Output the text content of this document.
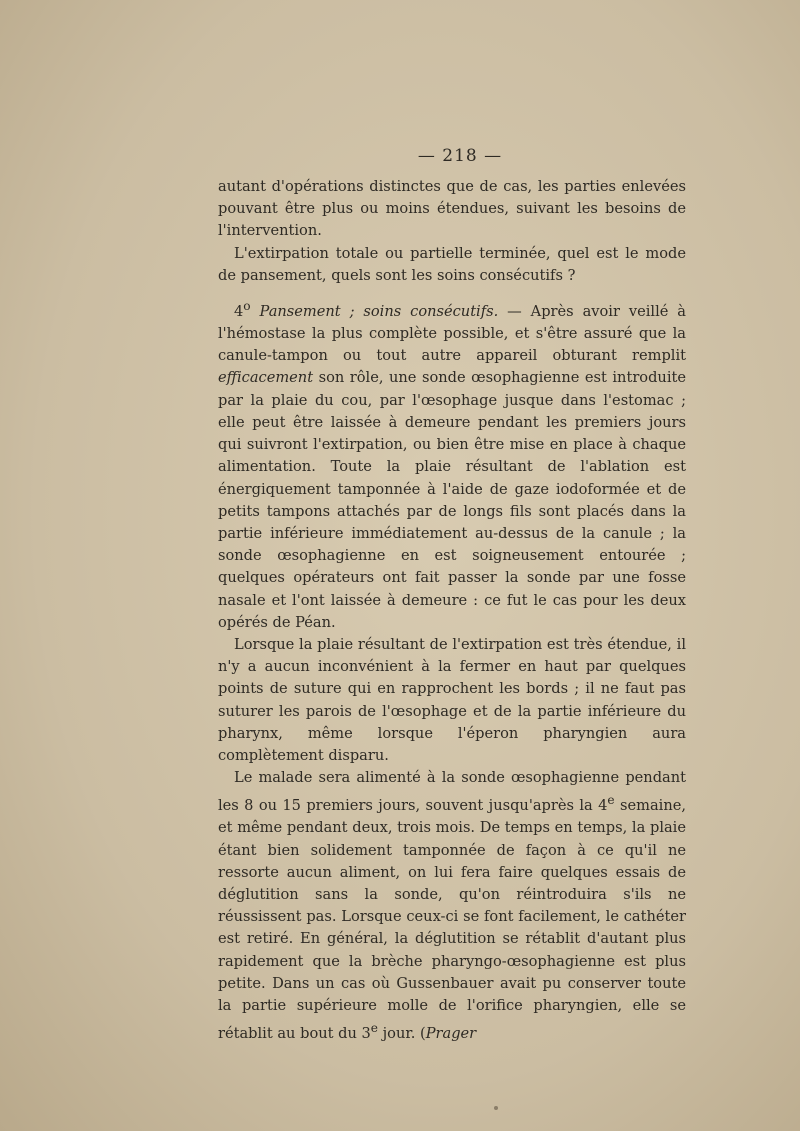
— 218 —

autant d'opérations distinctes que de cas, les parties enlevées pouvant être plus ou moins étendues, suivant les besoins de l'intervention.

L'extirpation totale ou partielle terminée, quel est le mode de pansement, quels sont les soins consécutifs ?

4$^o$ Pansement ; soins consécutifs. — Après avoir veillé à l'hémostase la plus complète possible, et s'être assuré que la canule-tampon ou tout autre appareil obturant remplit efficacement son rôle, une sonde œsophagienne est introduite par la plaie du cou, par l'œsophage jusque dans l'estomac ; elle peut être laissée à demeure pendant les premiers jours qui suivront l'extirpation, ou bien être mise en place à chaque alimentation. Toute la plaie résultant de l'ablation est énergiquement tamponnée à l'aide de gaze iodoformée et de petits tampons attachés par de longs fils sont placés dans la partie inférieure immédiatement au-dessus de la canule ; la sonde œsophagienne en est soigneusement entourée ; quelques opérateurs ont fait passer la sonde par une fosse nasale et l'ont laissée à demeure : ce fut le cas pour les deux opérés de Péan.

Lorsque la plaie résultant de l'extirpation est très étendue, il n'y a aucun inconvénient à la fermer en haut par quelques points de suture qui en rapprochent les bords ; il ne faut pas suturer les parois de l'œsophage et de la partie inférieure du pharynx, même lorsque l'éperon pharyngien aura complètement disparu.

Le malade sera alimenté à la sonde œsophagienne pendant les 8 ou 15 premiers jours, souvent jusqu'après la 4e semaine, et même pendant deux, trois mois. De temps en temps, la plaie étant bien solidement tamponnée de façon à ce qu'il ne ressorte aucun aliment, on lui fera faire quelques essais de déglutition sans la sonde, qu'on réintroduira s'ils ne réussissent pas. Lorsque ceux-ci se font facilement, le cathéter est retiré. En général, la déglutition se rétablit d'autant plus rapidement que la brèche pharyngo-œsophagienne est plus petite. Dans un cas où Gussenbauer avait pu conserver toute la partie supérieure molle de l'orifice pharyngien, elle se rétablit au bout du 3e jour. (Prager
